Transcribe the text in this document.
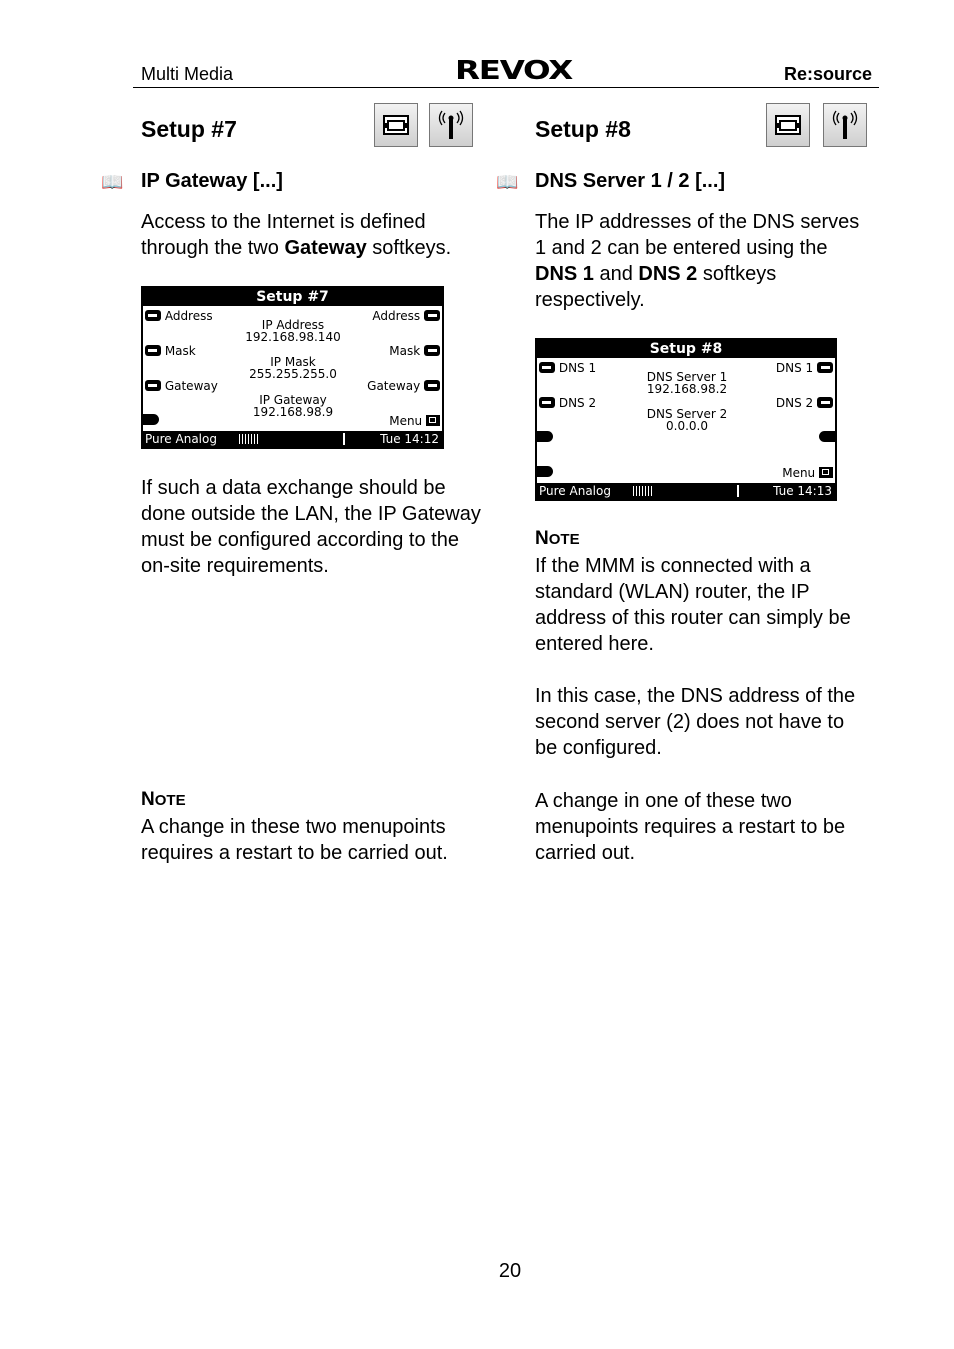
Multi Media	REVOX	Re:source
Setup #7
📖 IP Gateway [...]
Access to the Internet is defined through the two Gateway softkeys.
Setup #7
Address
Mask
Gateway
Address
Mask
Gateway
Menu
IP Address
192.168.98.140
IP Mask
255.255.255.0
IP Gateway
192.168.98.9
Pure Analog	Tue 14:12
If such a data exchange should be done outside the LAN, the IP Gateway must be configured according to the on-site requirements.
NOTE
A change in these two menupoints requires a restart to be carried out.
Setup #8
📖 DNS Server 1 / 2 [...]
The IP addresses of the DNS serves 1 and 2 can be entered using the DNS 1 and DNS 2 softkeys respectively.
Setup #8
DNS 1
DNS 2
DNS 1
DNS 2
Menu
DNS Server 1
192.168.98.2
DNS Server 2
0.0.0.0
Pure Analog	Tue 14:13
NOTE
If the MMM is connected with a standard (WLAN) router, the IP address of this router can simply be entered here.
In this case, the DNS address of the second server (2) does not have to be configured.
A change in one of these two menupoints requires a restart to be carried out.
20
